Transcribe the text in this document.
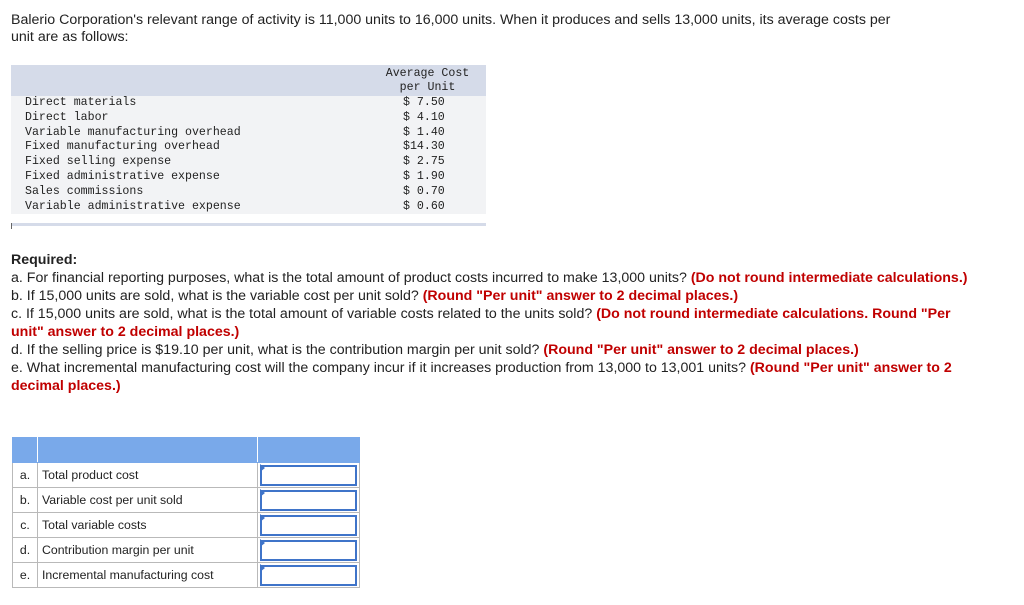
Balerio Corporation's relevant range of activity is 11,000 units to 16,000 units. When it produces and sells 13,000 units, its average costs per unit are as follows:
	Average Cost
per Unit
Direct materials	$ 7.50
Direct labor	$ 4.10
Variable manufacturing overhead	$ 1.40
Fixed manufacturing overhead	$14.30
Fixed selling expense	$ 2.75
Fixed administrative expense	$ 1.90
Sales commissions	$ 0.70
Variable administrative expense	$ 0.60
Required:
a. For financial reporting purposes, what is the total amount of product costs incurred to make 13,000 units? (Do not round intermediate calculations.)
b. If 15,000 units are sold, what is the variable cost per unit sold? (Round "Per unit" answer to 2 decimal places.)
c. If 15,000 units are sold, what is the total amount of variable costs related to the units sold? (Do not round intermediate calculations. Round "Per unit" answer to 2 decimal places.)
d. If the selling price is $19.10 per unit, what is the contribution margin per unit sold? (Round "Per unit" answer to 2 decimal places.)
e. What incremental manufacturing cost will the company incur if it increases production from 13,000 to 13,001 units? (Round "Per unit" answer to 2 decimal places.)

a.	Total product cost	

b.	Variable cost per unit sold	

c.	Total variable costs	

d.	Contribution margin per unit	

e.	Incremental manufacturing cost	
